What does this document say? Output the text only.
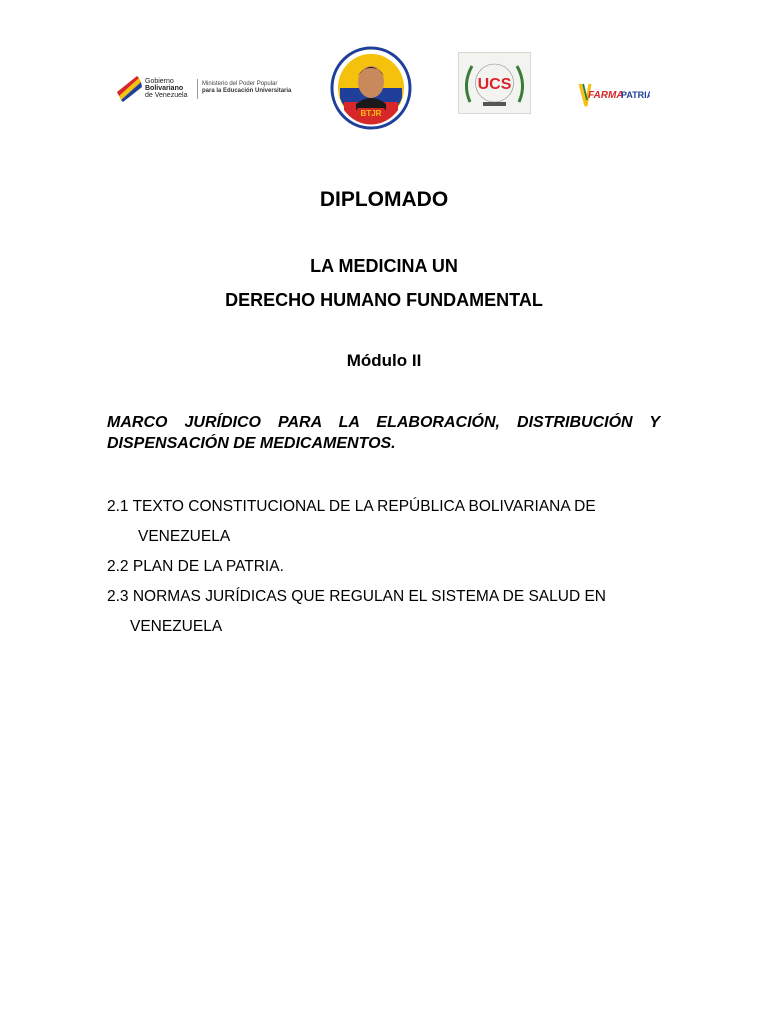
Gobierno
Bolivariano
de Venezuela
Ministerio del Poder Popular
para la Educación Universitaria
BTJR
UCS
FARMA
PATRIA
DIPLOMADO
LA MEDICINA UN
DERECHO HUMANO FUNDAMENTAL
Módulo II
MARCO JURÍDICO PARA LA ELABORACIÓN, DISTRIBUCIÓN Y
DISPENSACIÓN DE MEDICAMENTOS.
2.1 TEXTO CONSTITUCIONAL DE LA REPÚBLICA BOLIVARIANA DE
VENEZUELA
2.2 PLAN DE LA PATRIA.
2.3 NORMAS JURÍDICAS QUE REGULAN EL SISTEMA DE SALUD EN
VENEZUELA
